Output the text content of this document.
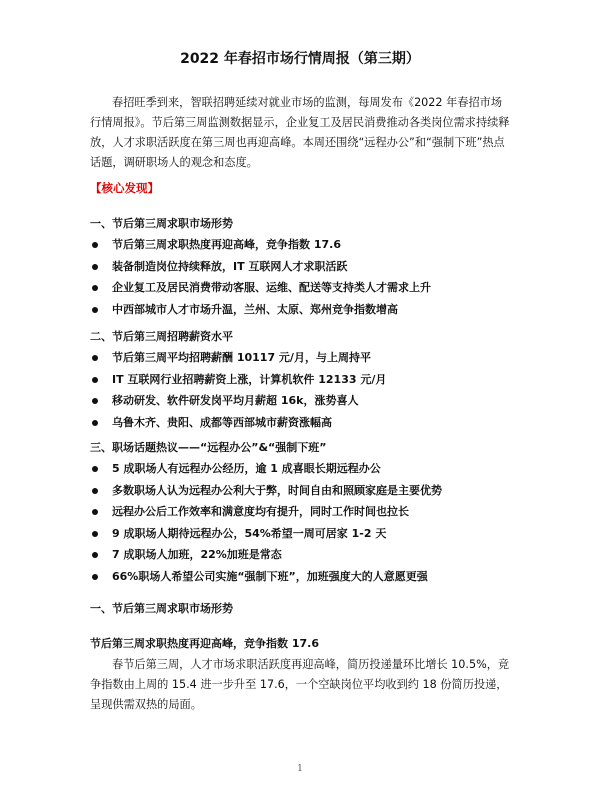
2022 年春招市场行情周报（第三期）

春招旺季到来，智联招聘延续对就业市场的监测，每周发布《2022 年春招市场行情周报》。节后第三周监测数据显示，企业复工及居民消费推动各类岗位需求持续释放，人才求职活跃度在第三周也再迎高峰。本周还围绕“远程办公”和“强制下班”热点话题，调研职场人的观念和态度。

【核心发现】

一、节后第三周求职市场形势

节后第三周求职热度再迎高峰，竞争指数 17.6
装备制造岗位持续释放，IT 互联网人才求职活跃
企业复工及居民消费带动客服、运维、配送等支持类人才需求上升
中西部城市人才市场升温，兰州、太原、郑州竞争指数增高

二、节后第三周招聘薪资水平

节后第三周平均招聘薪酬 10117 元/月，与上周持平
IT 互联网行业招聘薪资上涨，计算机软件 12133 元/月
移动研发、软件研发岗平均月薪超 16k，涨势喜人
乌鲁木齐、贵阳、成都等西部城市薪资涨幅高

三、职场话题热议——“远程办公”&“强制下班”

5 成职场人有远程办公经历，逾 1 成喜眼长期远程办公
多数职场人认为远程办公利大于弊，时间自由和照顾家庭是主要优势
远程办公后工作效率和满意度均有提升，同时工作时间也拉长
9 成职场人期待远程办公，54%希望一周可居家 1-2 天
7 成职场人加班，22%加班是常态
66%职场人希望公司实施“强制下班”，加班强度大的人意愿更强

一、节后第三周求职市场形势

节后第三周求职热度再迎高峰，竞争指数 17.6

春节后第三周，人才市场求职活跃度再迎高峰，简历投递量环比增长 10.5%，竞争指数由上周的 15.4 进一步升至 17.6，一个空缺岗位平均收到约 18 份简历投递，呈现供需双热的局面。

1
